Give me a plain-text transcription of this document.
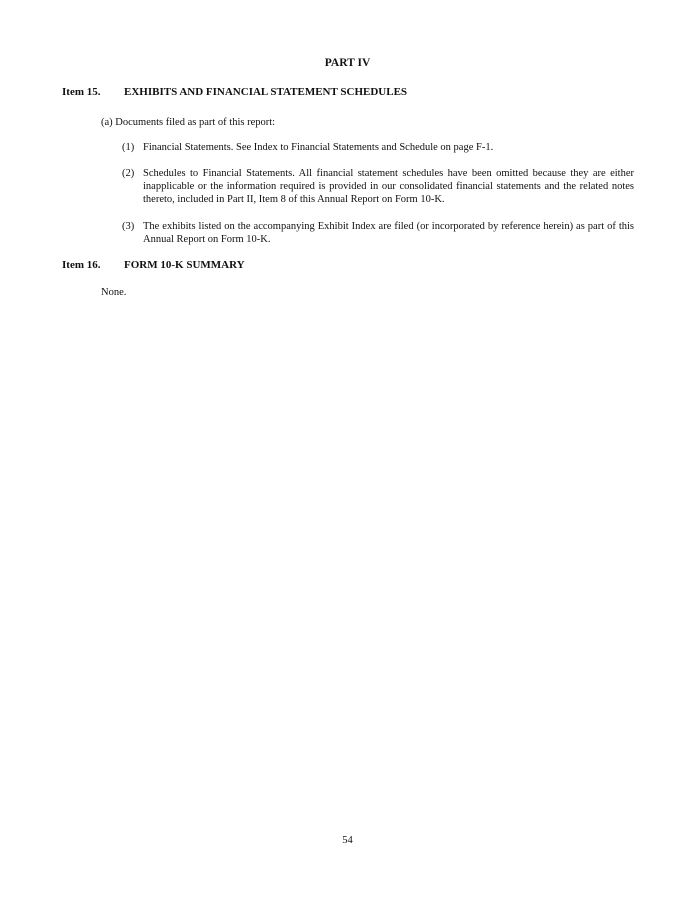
PART IV
Item 15. EXHIBITS AND FINANCIAL STATEMENT SCHEDULES
(a) Documents filed as part of this report:
(1) Financial Statements. See Index to Financial Statements and Schedule on page F-1.
(2) Schedules to Financial Statements. All financial statement schedules have been omitted because they are either inapplicable or the information required is provided in our consolidated financial statements and the related notes thereto, included in Part II, Item 8 of this Annual Report on Form 10-K.
(3) The exhibits listed on the accompanying Exhibit Index are filed (or incorporated by reference herein) as part of this Annual Report on Form 10-K.
Item 16. FORM 10-K SUMMARY
None.
54
